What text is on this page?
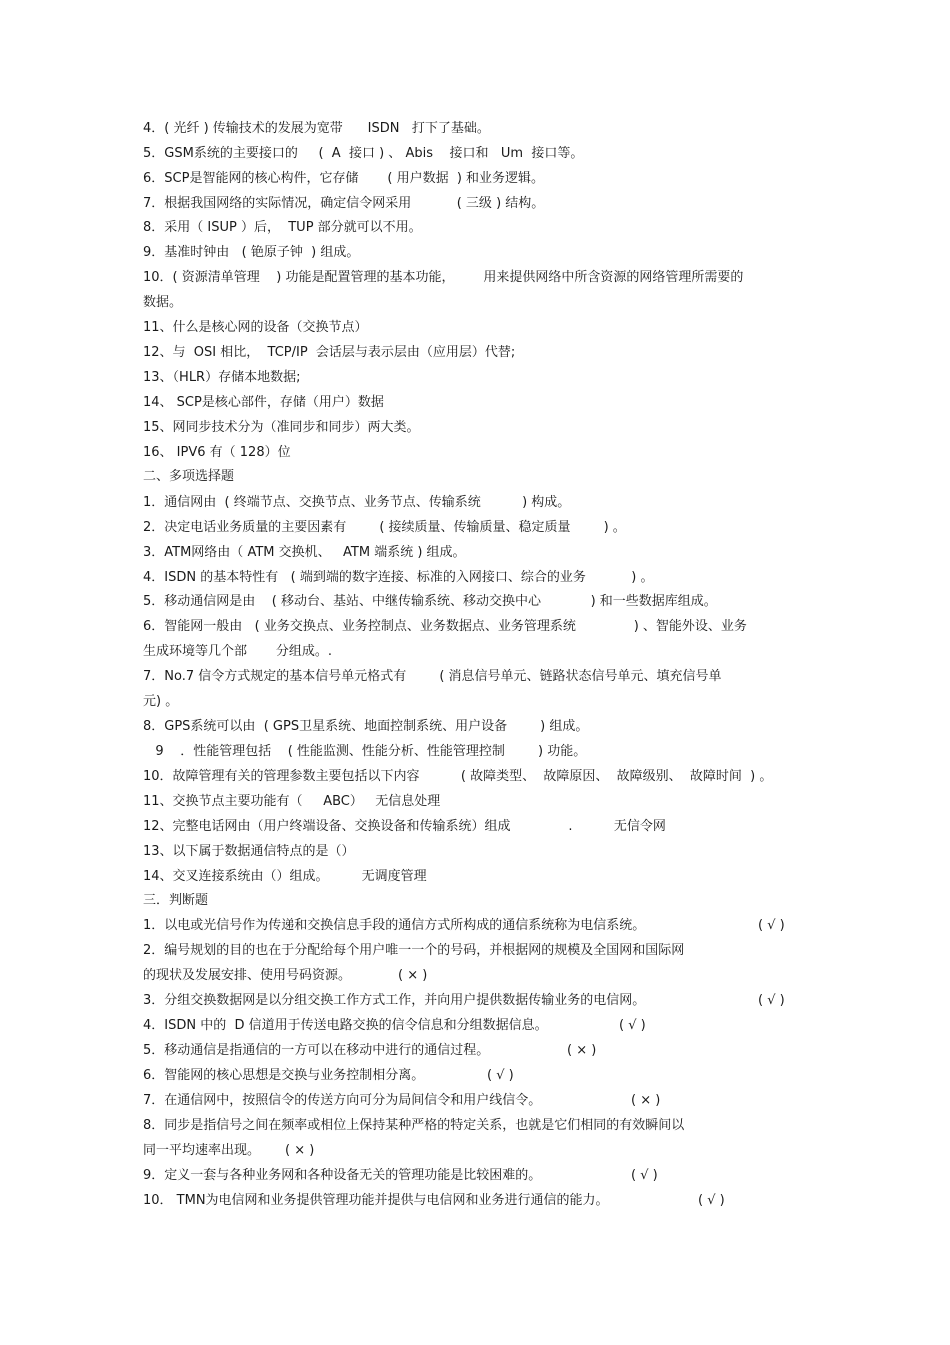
4．( 光纤 ) 传输技术的发展为宽带      ISDN   打下了基础。
5．GSM系统的主要接口的     (  A  接口 ) 、 Abis    接口和   Um  接口等。
6．SCP是智能网的核心构件，它存储       ( 用户数据  ) 和业务逻辑。
7．根据我国网络的实际情况，确定信令网采用           ( 三级 ) 结构。
8．采用（ ISUP ）后，  TUP 部分就可以不用。
9．基准时钟由   ( 铯原子钟  ) 组成。
10．( 资源清单管理    ) 功能是配置管理的基本功能，       用来提供网络中所含资源的网络管理所需要的
数据。
11、什么是核心网的设备（交换节点）
12、与  OSI 相比，  TCP/IP  会话层与表示层由（应用层）代替;
13、（HLR）存储本地数据;
14、 SCP是核心部件，存储（用户）数据
15、网同步技术分为（准同步和同步）两大类。
16、 IPV6 有（ 128）位
二、多项选择题
1．通信网由  ( 终端节点、交换节点、业务节点、传输系统          ) 构成。
2．决定电话业务质量的主要因素有        ( 接续质量、传输质量、稳定质量        ) 。
3．ATM网络由（ ATM 交换机、   ATM 端系统 ) 组成。
4．ISDN 的基本特性有   ( 端到端的数字连接、标准的入网接口、综合的业务           ) 。
5．移动通信网是由    ( 移动台、基站、中继传输系统、移动交换中心            ) 和一些数据库组成。
6．智能网一般由   ( 业务交换点、业务控制点、业务数据点、业务管理系统              ) 、智能外设、业务
生成环境等几个部       分组成。.
7．No.7 信令方式规定的基本信号单元格式有        ( 消息信号单元、链路状态信号单元、填充信号单
元) 。
8．GPS系统可以由  ( GPS卫星系统、地面控制系统、用户设备        ) 组成。
9    ．性能管理包括    ( 性能监测、性能分析、性能管理控制        ) 功能。
10．故障管理有关的管理参数主要包括以下内容          ( 故障类型、  故障原因、  故障级别、  故障时间  ) 。
11、交换节点主要功能有（     ABC）   无信息处理
12、完整电话网由（用户终端设备、交换设备和传输系统）组成              .          无信令网
13、以下属于数据通信特点的是（）
14、交叉连接系统由（）组成。        无调度管理
三．判断题
1．以电或光信号作为传递和交换信息手段的通信方式所构成的通信系统称为电信系统。	( √ )
2．编号规划的目的也在于分配给每个用户唯一一个的号码，并根据网的规模及全国网和国际网
的现状及发展安排、使用号码资源。	( × )
3．分组交换数据网是以分组交换工作方式工作，并向用户提供数据传输业务的电信网。	( √ )
4．ISDN 中的  D 信道用于传送电路交换的信令信息和分组数据信息。	( √ )
5．移动通信是指通信的一方可以在移动中进行的通信过程。	( × )
6．智能网的核心思想是交换与业务控制相分离。	( √ )
7．在通信网中，按照信令的传送方向可分为局间信令和用户线信令。	( × )
8．同步是指信号之间在频率或相位上保持某种严格的特定关系，也就是它们相同的有效瞬间以
同一平均速率出现。 ( × )
9．定义一套与各种业务网和各种设备无关的管理功能是比较困难的。	( √ )
10． TMN为电信网和业务提供管理功能并提供与电信网和业务进行通信的能力。	( √ )
